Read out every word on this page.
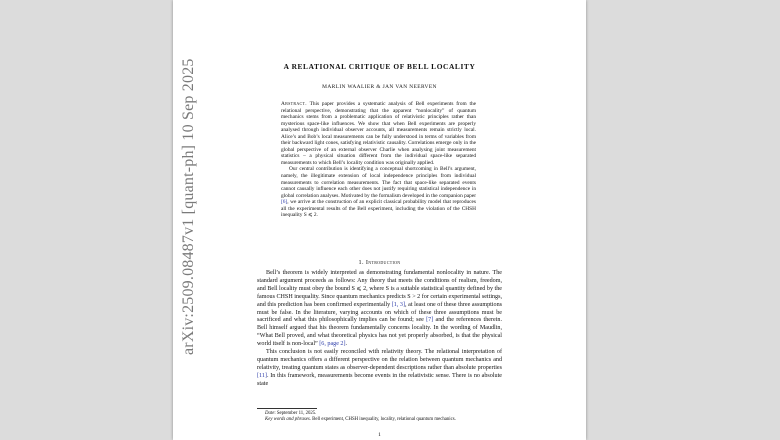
A RELATIONAL CRITIQUE OF BELL LOCALITY
MARLIN WAALIER & JAN VAN NEERVEN

Abstract. This paper provides a systematic analysis of Bell experiments from the relational perspective, demonstrating that the apparent “nonlocality” of quantum mechanics stems from a problematic application of relativistic principles rather than mysterious space-like influences. We show that when Bell experiments are properly analysed through individual observer accounts, all measurements remain strictly local. Alice’s and Bob’s local measurements can be fully understood in terms of variables from their backward light cones, satisfying relativistic causality. Correlations emerge only in the global perspective of an external observer Charlie when analysing joint measurement statistics – a physical situation different from the individual space-like separated measurements to which Bell’s locality condition was originally applied.

Our central contribution is identifying a conceptual shortcoming in Bell’s argument, namely, the illegitimate extension of local independence principles from individual measurements to correlation measurements. The fact that space-like separated events cannot causally influence each other does not justify requiring statistical independence in global correlation analyses. Motivated by the formalism developed in the companion paper [6], we arrive at the construction of an explicit classical probability model that reproduces all the experimental results of the Bell experiment, including the violation of the CHSH inequality S ⩽ 2.

1. Introduction

Bell’s theorem is widely interpreted as demonstrating fundamental nonlocality in nature. The standard argument proceeds as follows: Any theory that meets the conditions of realism, freedom, and Bell locality must obey the bound S ⩽ 2, where S is a suitable statistical quantity defined by the famous CHSH inequality. Since quantum mechanics predicts S > 2 for certain experimental settings, and this prediction has been confirmed experimentally [1, 3], at least one of these three assumptions must be false. In the literature, varying accounts on which of these three assumptions must be sacrificed and what this philosophically implies can be found; see [7] and the references therein. Bell himself argued that his theorem fundamentally concerns locality. In the wording of Maudlin, “What Bell proved, and what theoretical physics has not yet properly absorbed, is that the physical world itself is non-local” [6, page 2].

This conclusion is not easily reconciled with relativity theory. The relational interpretation of quantum mechanics offers a different perspective on the relation between quantum mechanics and relativity, treating quantum states as observer-dependent descriptions rather than absolute properties [11]. In this framework, measurements become events in the relativistic sense. There is no absolute state

Date: September 11, 2025.
Key words and phrases. Bell experiment, CHSH inequality, locality, relational quantum mechanics.
1
arXiv:2509.08487v1 [quant-ph] 10 Sep 2025
